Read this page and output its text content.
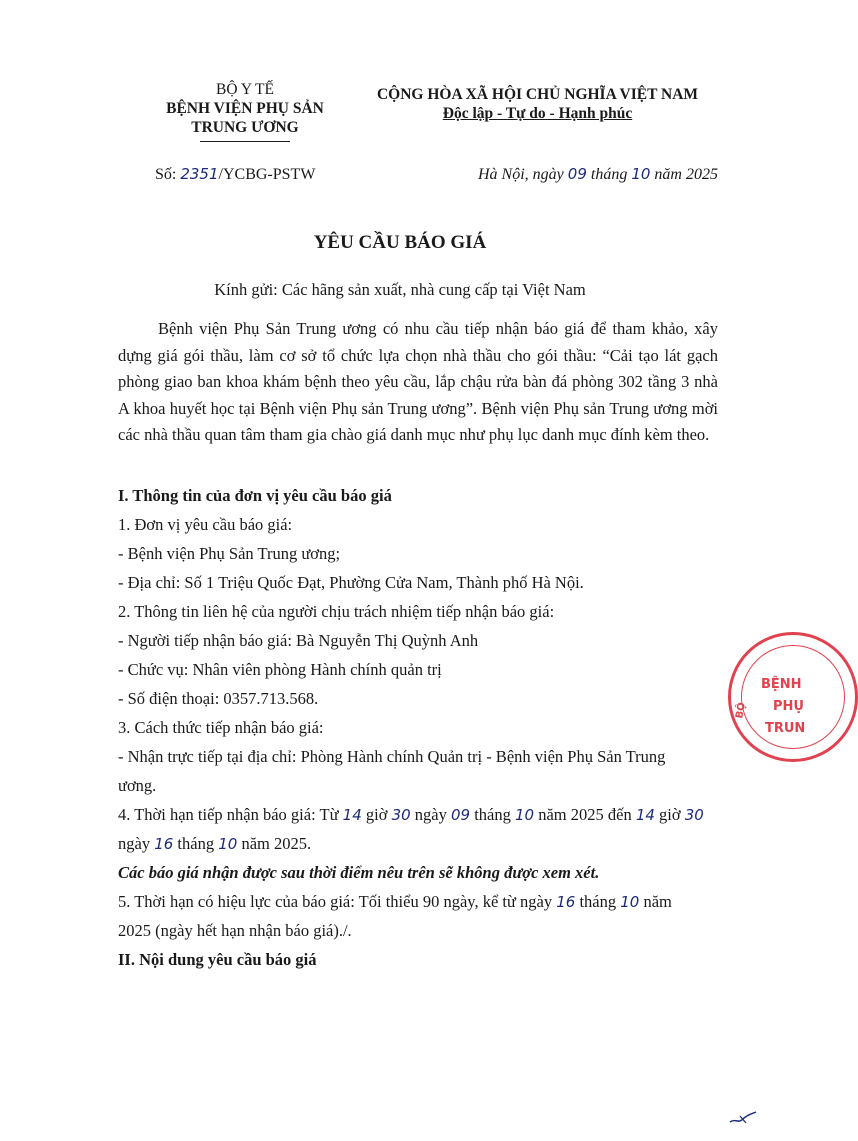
BỘ Y TẾ
BỆNH VIỆN PHỤ SẢN
TRUNG ƯƠNG
CỘNG HÒA XÃ HỘI CHỦ NGHĨA VIỆT NAM
Độc lập - Tự do - Hạnh phúc
Số: 2351/YCBG-PSTW	Hà Nội, ngày 09 tháng 10 năm 2025
YÊU CẦU BÁO GIÁ
Kính gửi: Các hãng sản xuất, nhà cung cấp tại Việt Nam
Bệnh viện Phụ Sản Trung ương có nhu cầu tiếp nhận báo giá để tham khảo, xây dựng giá gói thầu, làm cơ sở tổ chức lựa chọn nhà thầu cho gói thầu: “Cải tạo lát gạch phòng giao ban khoa khám bệnh theo yêu cầu, lắp chậu rửa bàn đá phòng 302 tầng 3 nhà A khoa huyết học tại Bệnh viện Phụ sản Trung ương”. Bệnh viện Phụ sản Trung ương mời các nhà thầu quan tâm tham gia chào giá danh mục như phụ lục danh mục đính kèm theo.
I. Thông tin của đơn vị yêu cầu báo giá
1. Đơn vị yêu cầu báo giá:
- Bệnh viện Phụ Sản Trung ương;
- Địa chỉ: Số 1 Triệu Quốc Đạt, Phường Cửa Nam, Thành phố Hà Nội.
2. Thông tin liên hệ của người chịu trách nhiệm tiếp nhận báo giá:
- Người tiếp nhận báo giá: Bà Nguyễn Thị Quỳnh Anh
- Chức vụ: Nhân viên phòng Hành chính quản trị
- Số điện thoại: 0357.713.568.
3. Cách thức tiếp nhận báo giá:
- Nhận trực tiếp tại địa chỉ: Phòng Hành chính Quản trị - Bệnh viện Phụ Sản Trung
ương.
4. Thời hạn tiếp nhận báo giá: Từ 14 giờ 30 ngày 09 tháng 10 năm 2025 đến 14 giờ 30
ngày 16 tháng 10 năm 2025.
Các báo giá nhận được sau thời điểm nêu trên sẽ không được xem xét.
5. Thời hạn có hiệu lực của báo giá: Tối thiểu 90 ngày, kể từ ngày 16 tháng 10 năm
2025 (ngày hết hạn nhận báo giá)./.
II. Nội dung yêu cầu báo giá
BỆNH
PHỤ
TRUN
BỘ
